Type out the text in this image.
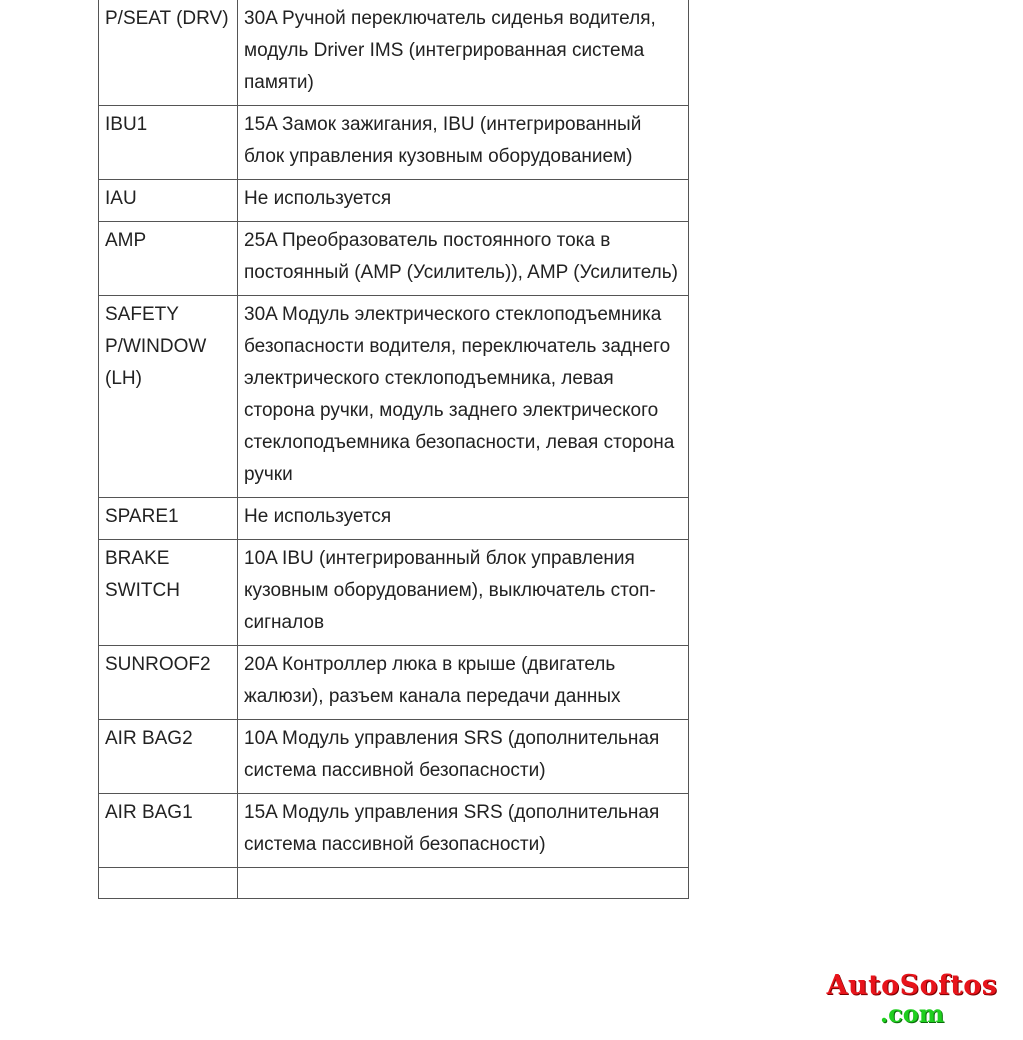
P/SEAT (DRV)	30A Ручной переключатель сиденья водителя, модуль Driver IMS (интегрированная система памяти)
IBU1	15A Замок зажигания, IBU (интегрированный блок управления кузовным оборудованием)
IAU	Не используется
AMP	25A Преобразователь постоянного тока в постоянный (AMP (Усилитель)), AMP (Усилитель)
SAFETY P/WINDOW (LH)	30A Модуль электрического стеклоподъемника безопасности водителя, переключатель заднего электрического стеклоподъемника, левая сторона ручки, модуль заднего электрического стеклоподъемника безопасности, левая сторона ручки
SPARE1	Не используется
BRAKE SWITCH	10A IBU (интегрированный блок управления кузовным оборудованием), выключатель стоп-сигналов
SUNROOF2	20A Контроллер люка в крыше (двигатель жалюзи), разъем канала передачи данных
AIR BAG2	10A Модуль управления SRS (дополнительная система пассивной безопасности)
AIR BAG1	15A Модуль управления SRS (дополнительная система пассивной безопасности)

AutoSoftos
.com
